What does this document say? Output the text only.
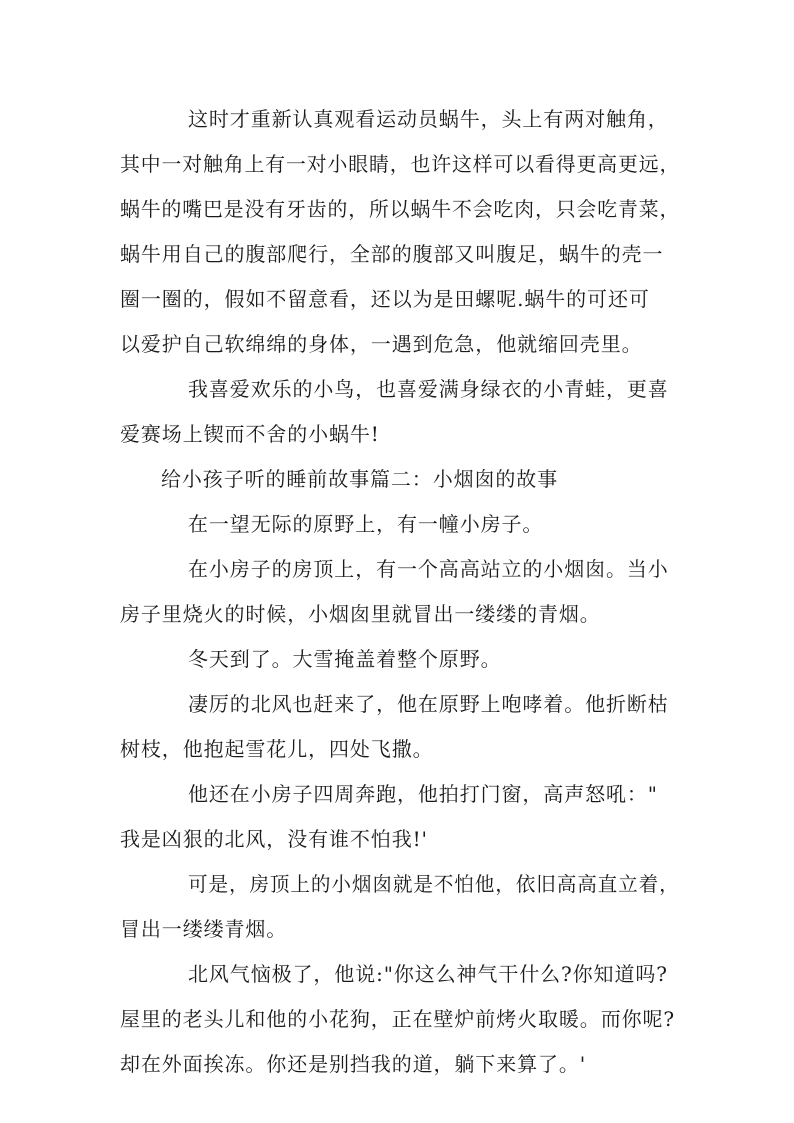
这时才重新认真观看运动员蜗牛，头上有两对触角，
其中一对触角上有一对小眼睛，也许这样可以看得更高更远，
蜗牛的嘴巴是没有牙齿的，所以蜗牛不会吃肉，只会吃青菜，
蜗牛用自己的腹部爬行，全部的腹部又叫腹足，蜗牛的壳一
圈一圈的，假如不留意看，还以为是田螺呢.蜗牛的可还可
以爱护自己软绵绵的身体，一遇到危急，他就缩回壳里。
我喜爱欢乐的小鸟，也喜爱满身绿衣的小青蛙，更喜
爱赛场上锲而不舍的小蜗牛!
给小孩子听的睡前故事篇二：小烟囱的故事
在一望无际的原野上，有一幢小房子。
在小房子的房顶上，有一个高高站立的小烟囱。当小
房子里烧火的时候，小烟囱里就冒出一缕缕的青烟。
冬天到了。大雪掩盖着整个原野。
凄厉的北风也赶来了，他在原野上咆哮着。他折断枯
树枝，他抱起雪花儿，四处飞撒。
他还在小房子四周奔跑，他拍打门窗，高声怒吼："
我是凶狠的北风，没有谁不怕我!'
可是，房顶上的小烟囱就是不怕他，依旧高高直立着，
冒出一缕缕青烟。
北风气恼极了，他说:"你这么神气干什么?你知道吗?
屋里的老头儿和他的小花狗，正在壁炉前烤火取暖。而你呢?
却在外面挨冻。你还是别挡我的道，躺下来算了。'
